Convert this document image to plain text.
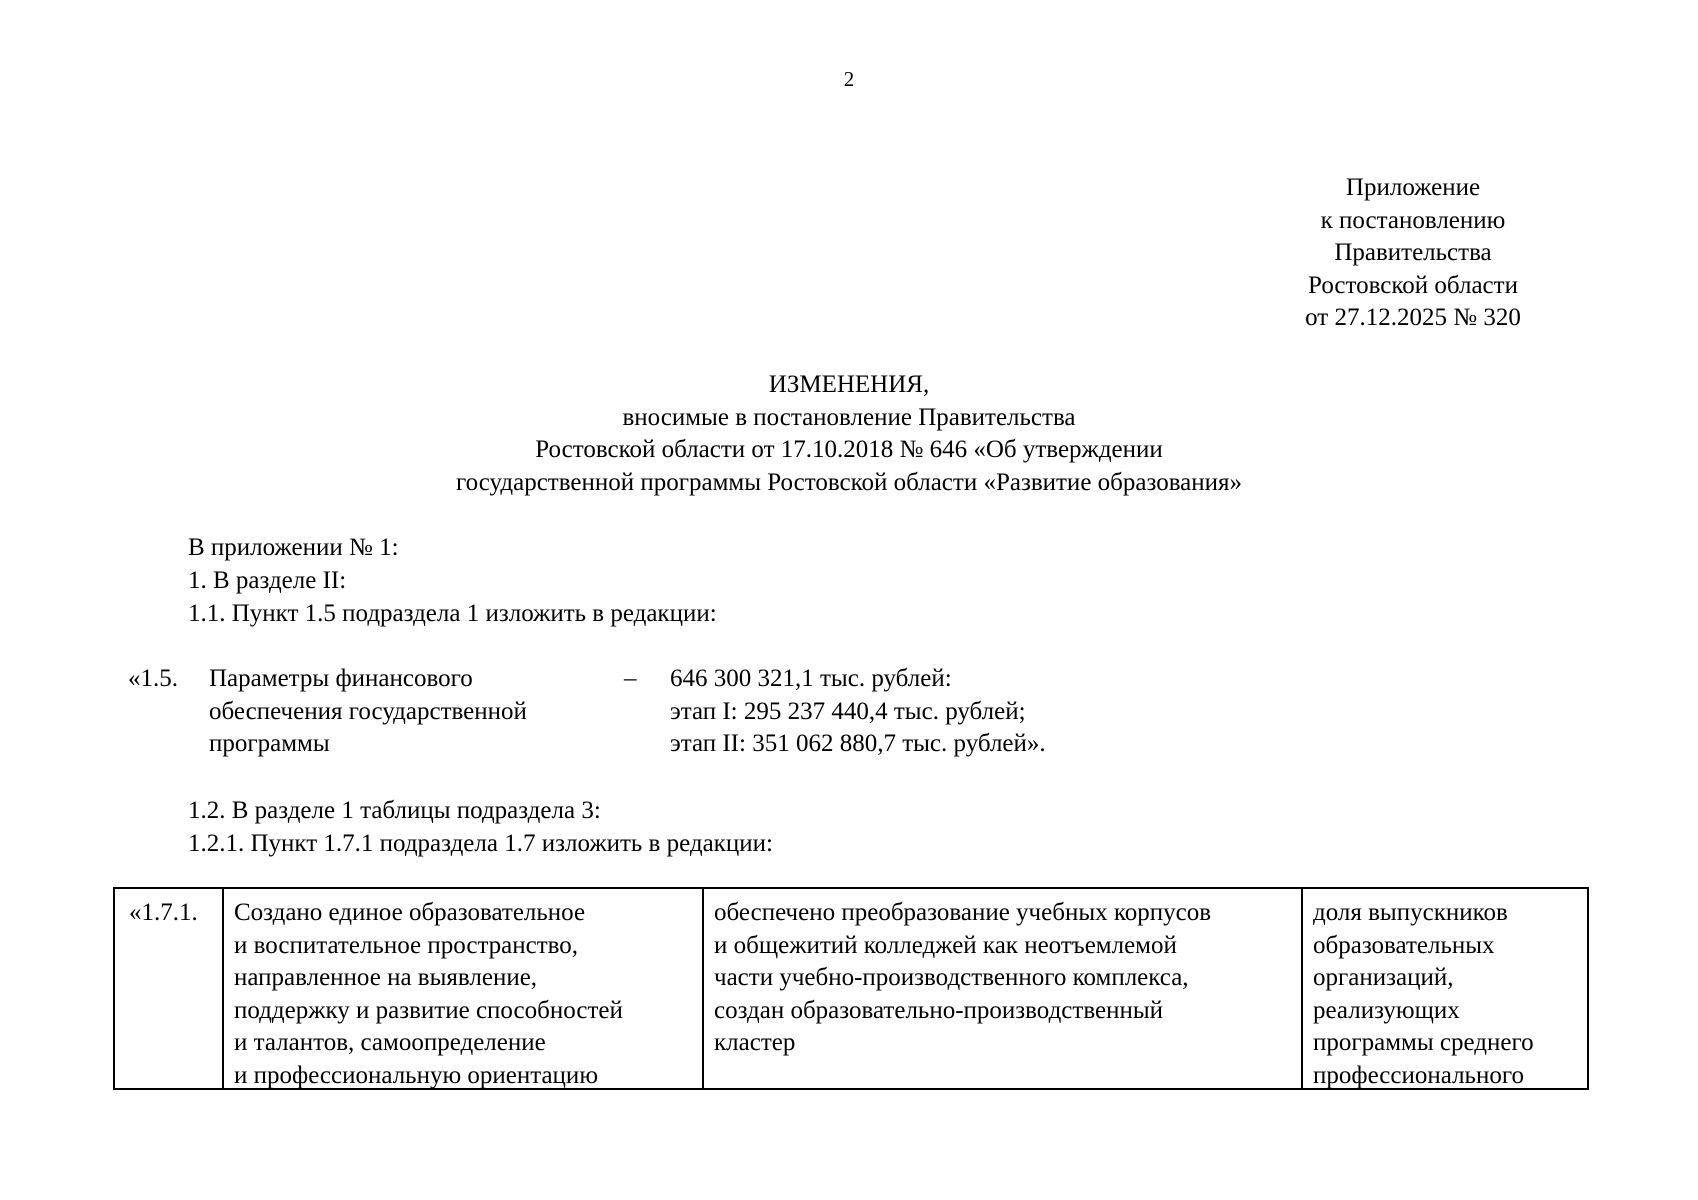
2
Приложение
к постановлению
Правительства
Ростовской области
от 27.12.2025 № 320
ИЗМЕНЕНИЯ,
вносимые в постановление Правительства
Ростовской области от 17.10.2018 № 646 «Об утверждении
государственной программы Ростовской области «Развитие образования»
В приложении № 1:
1. В разделе II:
1.1. Пункт 1.5 подраздела 1 изложить в редакции:
«1.5. Параметры финансового
обеспечения государственной
программы
– 646 300 321,1 тыс. рублей:
этап I: 295 237 440,4 тыс. рублей;
этап II: 351 062 880,7 тыс. рублей».
1.2. В разделе 1 таблицы подраздела 3:
1.2.1. Пункт 1.7.1 подраздела 1.7 изложить в редакции:
«1.7.1.	Создано единое образовательное
и воспитательное пространство,
направленное на выявление,
поддержку и развитие способностей
и талантов, самоопределение
и профессиональную ориентацию
обеспечено преобразование учебных корпусов
и общежитий колледжей как неотъемлемой
части учебно-производственного комплекса,
создан образовательно-производственный
кластер
доля выпускников
образовательных
организаций,
реализующих
программы среднего
профессионального
